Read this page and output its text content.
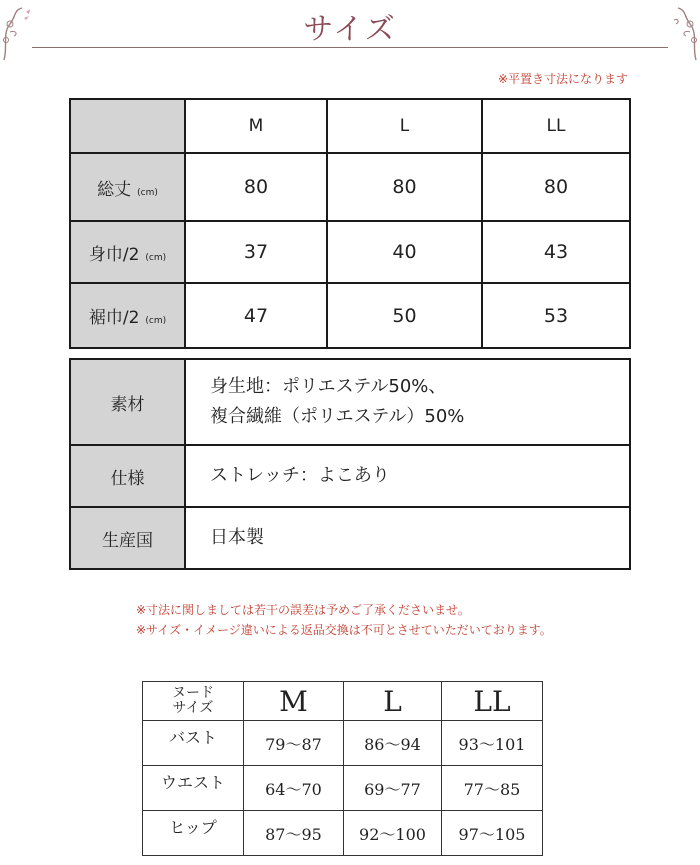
サイズ
※平置き寸法になります
	M	L	LL
総丈 (cm)	80	80	80
身巾/2 (cm)	37	40	43
裾巾/2 (cm)	47	50	53
素材	身生地：ポリエステル50%、
複合繊維（ポリエステル）50%

仕様	ストレッチ：よこあり

生産国	日本製
※寸法に関しましては若干の誤差は予めご了承くださいませ。
※サイズ・イメージ違いによる返品交換は不可とさせていただいております。
ヌード
サイズ	M	L	LL
バスト	79～87	86～94	93～101
ウエスト	64～70	69～77	77～85
ヒップ	87～95	92～100	97～105
